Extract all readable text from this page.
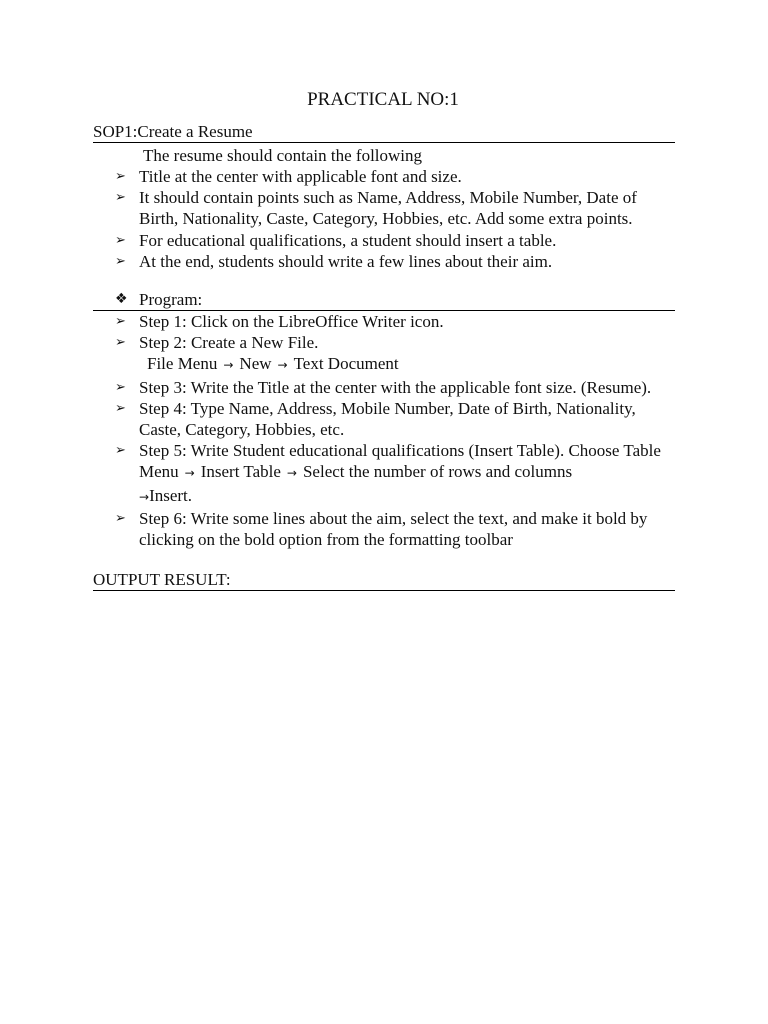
PRACTICAL NO:1
SOP1:Create a Resume
The resume should contain the following
➢ Title at the center with applicable font and size.
➢ It should contain points such as Name, Address, Mobile Number, Date of Birth, Nationality, Caste, Category, Hobbies, etc. Add some extra points.
➢ For educational qualifications, a student should insert a table.
➢ At the end, students should write a few lines about their aim.
❖ Program:
➢ Step 1: Click on the LibreOffice Writer icon.
➢ Step 2: Create a New File.
File Menu → New → Text Document
➢ Step 3: Write the Title at the center with the applicable font size. (Resume).
➢ Step 4: Type Name, Address, Mobile Number, Date of Birth, Nationality, Caste, Category, Hobbies, etc.
➢ Step 5: Write Student educational qualifications (Insert Table). Choose Table Menu → Insert Table → Select the number of rows and columns
→Insert.
➢ Step 6: Write some lines about the aim, select the text, and make it bold by clicking on the bold option from the formatting toolbar
OUTPUT RESULT:
